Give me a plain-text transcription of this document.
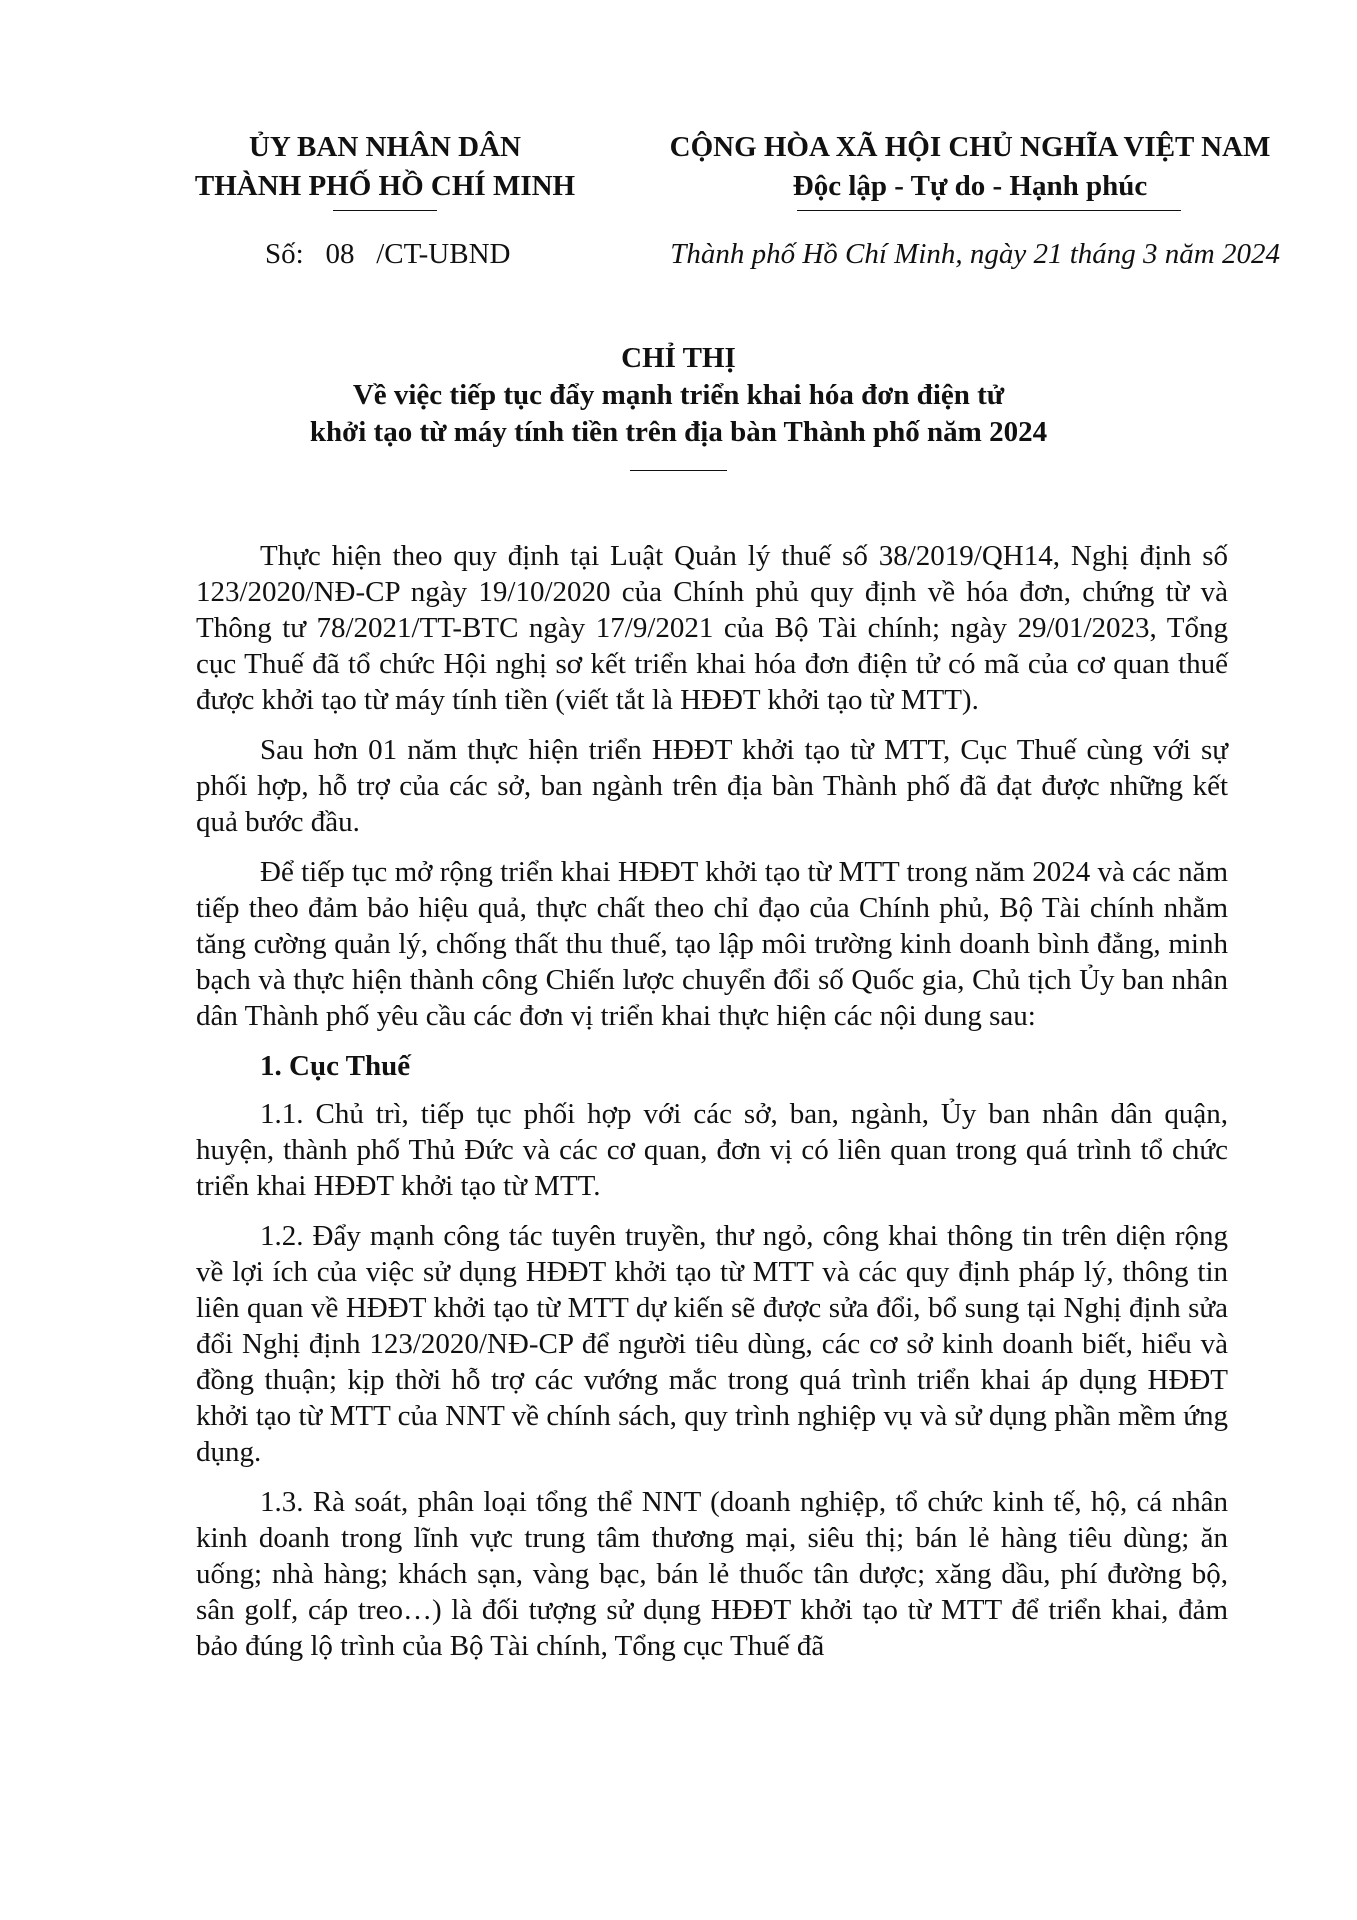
ỦY BAN NHÂN DÂN
THÀNH PHỐ HỒ CHÍ MINH
CỘNG HÒA XÃ HỘI CHỦ NGHĨA VIỆT NAM
Độc lập - Tự do - Hạnh phúc
Số: 08 /CT-UBND	Thành phố Hồ Chí Minh, ngày 21 tháng 3 năm 2024
CHỈ THỊ
Về việc tiếp tục đẩy mạnh triển khai hóa đơn điện tử
khởi tạo từ máy tính tiền trên địa bàn Thành phố năm 2024

Thực hiện theo quy định tại Luật Quản lý thuế số 38/2019/QH14, Nghị định số 123/2020/NĐ-CP ngày 19/10/2020 của Chính phủ quy định về hóa đơn, chứng từ và Thông tư 78/2021/TT-BTC ngày 17/9/2021 của Bộ Tài chính; ngày 29/01/2023, Tổng cục Thuế đã tổ chức Hội nghị sơ kết triển khai hóa đơn điện tử có mã của cơ quan thuế được khởi tạo từ máy tính tiền (viết tắt là HĐĐT khởi tạo từ MTT).

Sau hơn 01 năm thực hiện triển HĐĐT khởi tạo từ MTT, Cục Thuế cùng với sự phối hợp, hỗ trợ của các sở, ban ngành trên địa bàn Thành phố đã đạt được những kết quả bước đầu.

Để tiếp tục mở rộng triển khai HĐĐT khởi tạo từ MTT trong năm 2024 và các năm tiếp theo đảm bảo hiệu quả, thực chất theo chỉ đạo của Chính phủ, Bộ Tài chính nhằm tăng cường quản lý, chống thất thu thuế, tạo lập môi trường kinh doanh bình đẳng, minh bạch và thực hiện thành công Chiến lược chuyển đổi số Quốc gia, Chủ tịch Ủy ban nhân dân Thành phố yêu cầu các đơn vị triển khai thực hiện các nội dung sau:

1. Cục Thuế

1.1. Chủ trì, tiếp tục phối hợp với các sở, ban, ngành, Ủy ban nhân dân quận, huyện, thành phố Thủ Đức và các cơ quan, đơn vị có liên quan trong quá trình tổ chức triển khai HĐĐT khởi tạo từ MTT.

1.2. Đẩy mạnh công tác tuyên truyền, thư ngỏ, công khai thông tin trên diện rộng về lợi ích của việc sử dụng HĐĐT khởi tạo từ MTT và các quy định pháp lý, thông tin liên quan về HĐĐT khởi tạo từ MTT dự kiến sẽ được sửa đổi, bổ sung tại Nghị định sửa đổi Nghị định 123/2020/NĐ-CP để người tiêu dùng, các cơ sở kinh doanh biết, hiểu và đồng thuận; kịp thời hỗ trợ các vướng mắc trong quá trình triển khai áp dụng HĐĐT khởi tạo từ MTT của NNT về chính sách, quy trình nghiệp vụ và sử dụng phần mềm ứng dụng.

1.3. Rà soát, phân loại tổng thể NNT (doanh nghiệp, tổ chức kinh tế, hộ, cá nhân kinh doanh trong lĩnh vực trung tâm thương mại, siêu thị; bán lẻ hàng tiêu dùng; ăn uống; nhà hàng; khách sạn, vàng bạc, bán lẻ thuốc tân dược; xăng dầu, phí đường bộ, sân golf, cáp treo…) là đối tượng sử dụng HĐĐT khởi tạo từ MTT để triển khai, đảm bảo đúng lộ trình của Bộ Tài chính, Tổng cục Thuế đã
